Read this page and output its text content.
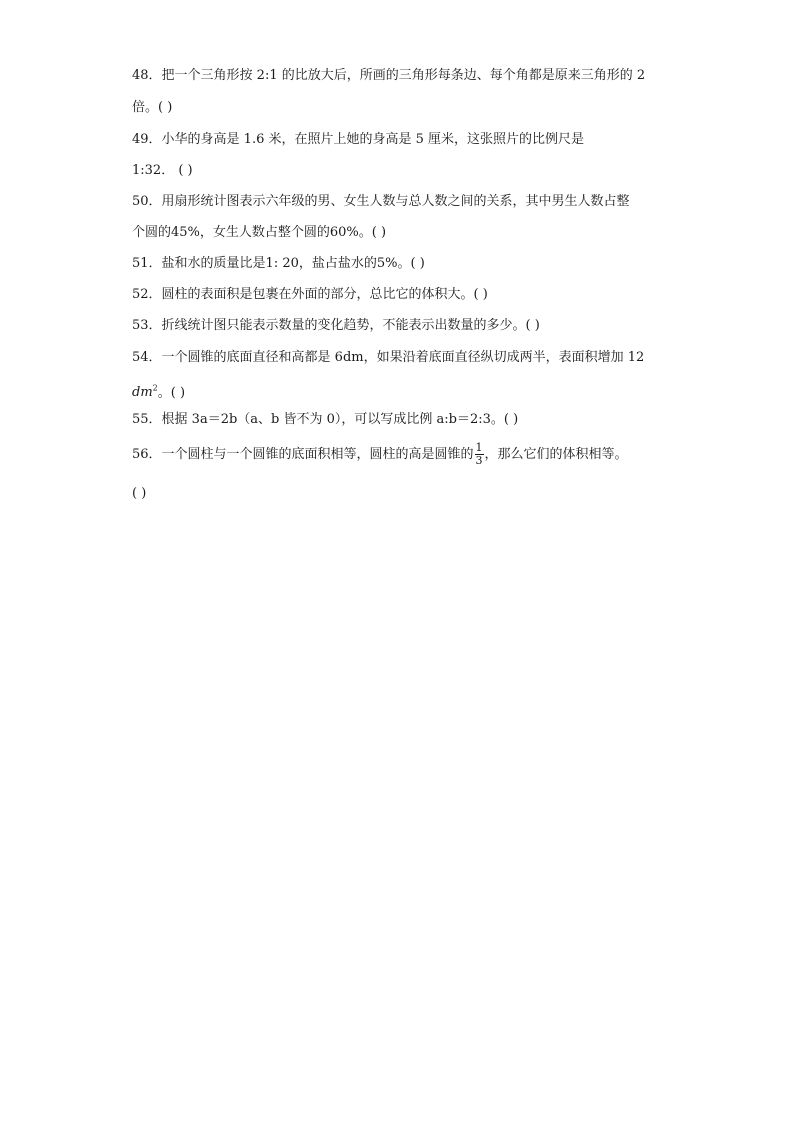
48．把一个三角形按 2:1 的比放大后，所画的三角形每条边、每个角都是原来三角形的 2
倍。( )
49．小华的身高是 1.6 米，在照片上她的身高是 5 厘米，这张照片的比例尺是
1:32． ( )
50．用扇形统计图表示六年级的男、女生人数与总人数之间的关系，其中男生人数占整
个圆的45%，女生人数占整个圆的60%。( )
51．盐和水的质量比是1: 20，盐占盐水的5%。( )
52．圆柱的表面积是包裹在外面的部分，总比它的体积大。( )
53．折线统计图只能表示数量的变化趋势，不能表示出数量的多少。( )
54．一个圆锥的底面直径和高都是 6dm，如果沿着底面直径纵切成两半，表面积增加 12
$dm^2$。( )
55．根据 3a＝2b（a、b 皆不为 0），可以写成比例 a:b＝2:3。( )
56．一个圆柱与一个圆锥的底面积相等，圆柱的高是圆锥的 $\frac{1}{3}$ ，那么它们的体积相等。
( )
